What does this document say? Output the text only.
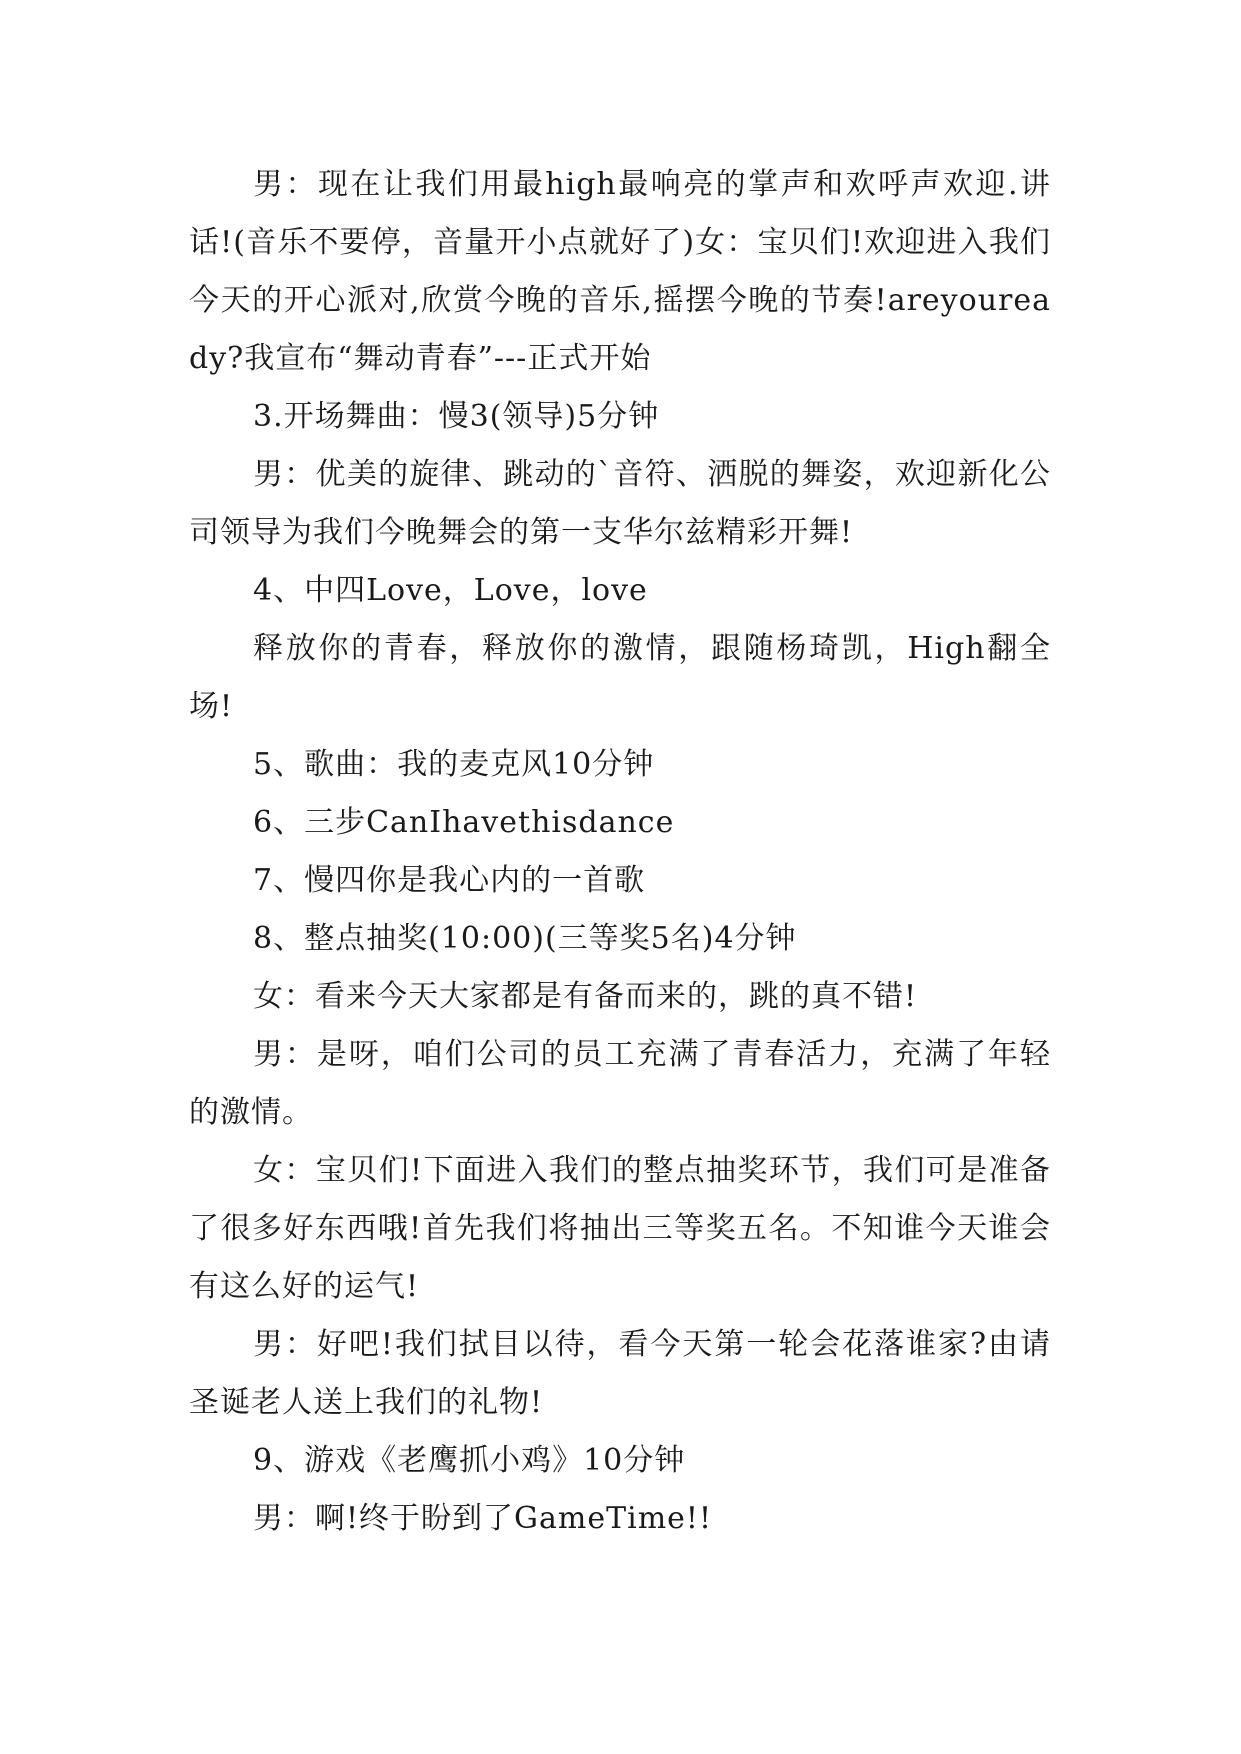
男：现在让我们用最high最响亮的掌声和欢呼声欢迎.讲话!(音乐不要停，音量开小点就好了)女：宝贝们!欢迎进入我们今天的开心派对,欣赏今晚的音乐,摇摆今晚的节奏!areyouready?我宣布“舞动青春”---正式开始

3.开场舞曲：慢3(领导)5分钟

男：优美的旋律、跳动的`音符、洒脱的舞姿，欢迎新化公司领导为我们今晚舞会的第一支华尔兹精彩开舞!

4、中四Love，Love，love

释放你的青春，释放你的激情，跟随杨琦凯，High翻全场!

5、歌曲：我的麦克风10分钟

6、三步CanIhavethisdance

7、慢四你是我心内的一首歌

8、整点抽奖(10:00)(三等奖5名)4分钟

女：看来今天大家都是有备而来的，跳的真不错!

男：是呀，咱们公司的员工充满了青春活力，充满了年轻的激情。

女：宝贝们!下面进入我们的整点抽奖环节，我们可是准备了很多好东西哦!首先我们将抽出三等奖五名。不知谁今天谁会有这么好的运气!

男：好吧!我们拭目以待，看今天第一轮会花落谁家?由请圣诞老人送上我们的礼物!

9、游戏《老鹰抓小鸡》10分钟

男：啊!终于盼到了GameTime!!
